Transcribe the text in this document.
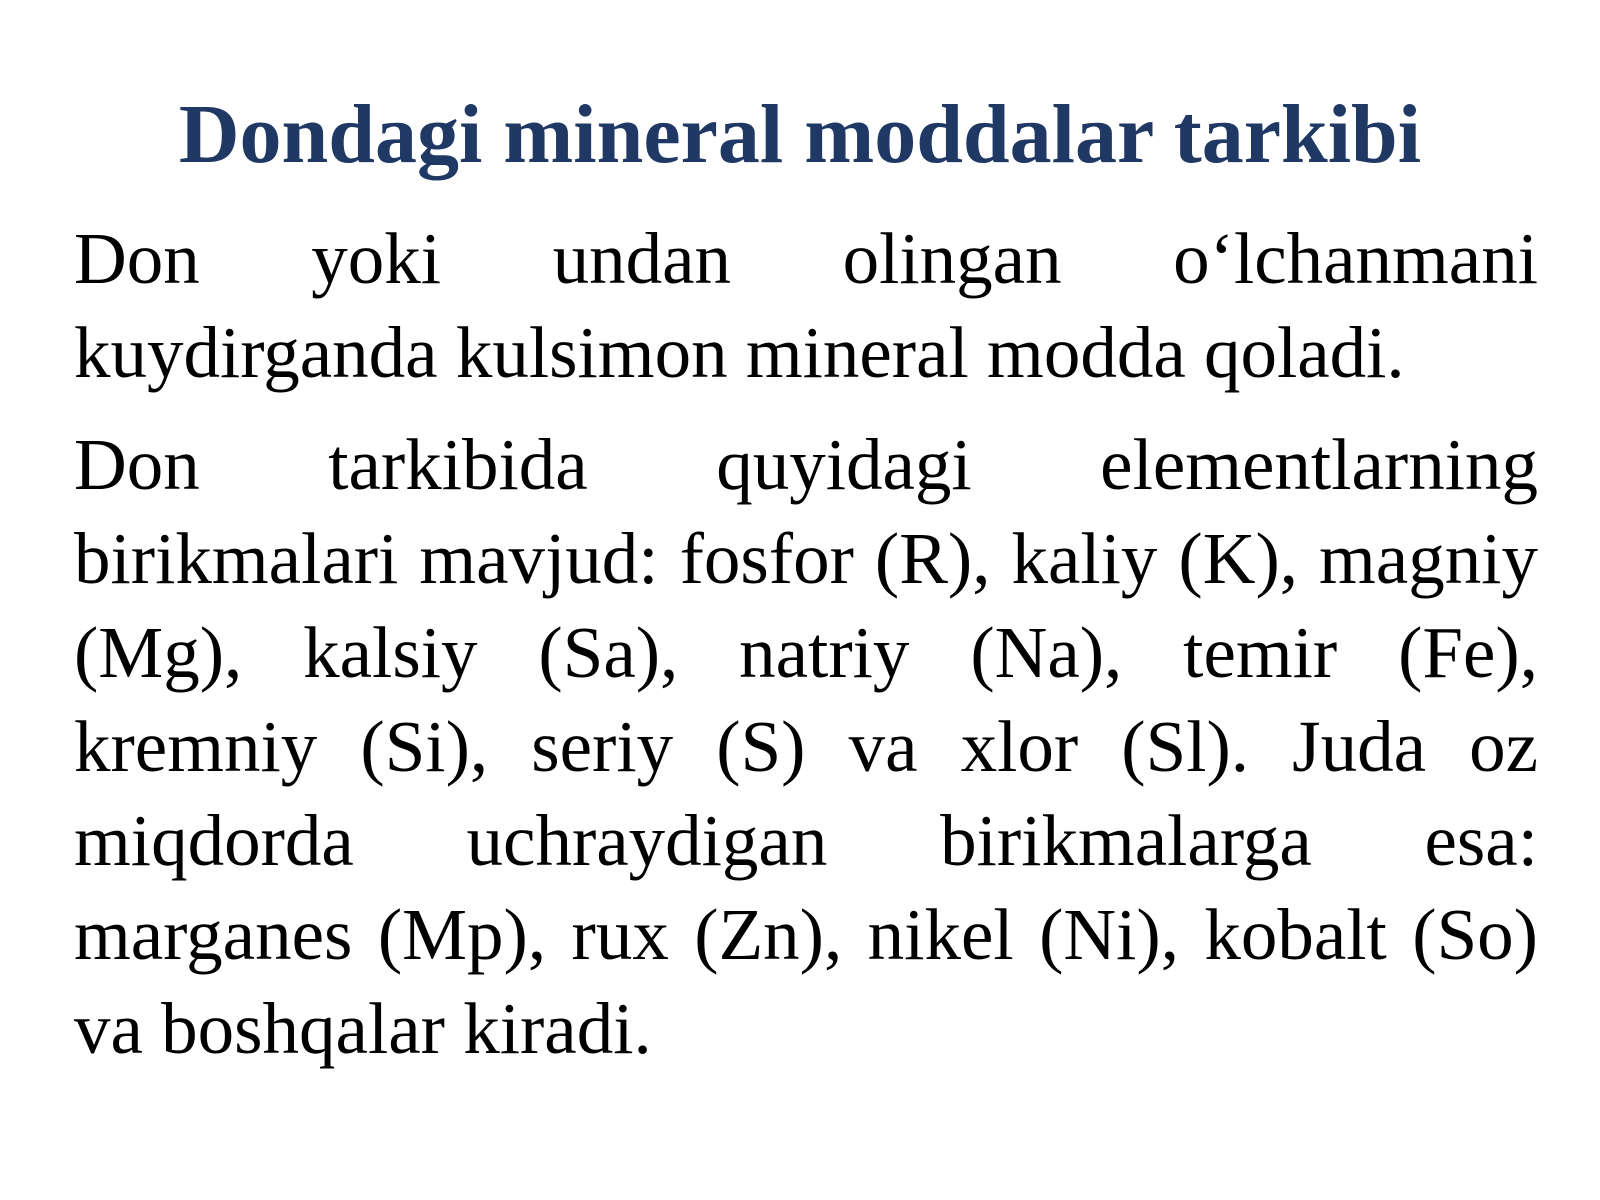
Dondagi mineral moddalar tarkibi

Don yoki undan olingan o‘lchanmani kuydirganda kulsimon mineral modda qoladi.

Don tarkibida quyidagi elementlarning birikmalari mavjud: fosfor (R), kaliy (K), magniy (Mg), kalsiy (Sa), natriy (Na), temir (Fe), kremniy (Si), seriy (S) va xlor (Sl). Juda oz miqdorda uchraydigan birikmalarga esa: marganes (Mp), rux (Zn), nikel (Ni), kobalt (So) va boshqalar kiradi.
